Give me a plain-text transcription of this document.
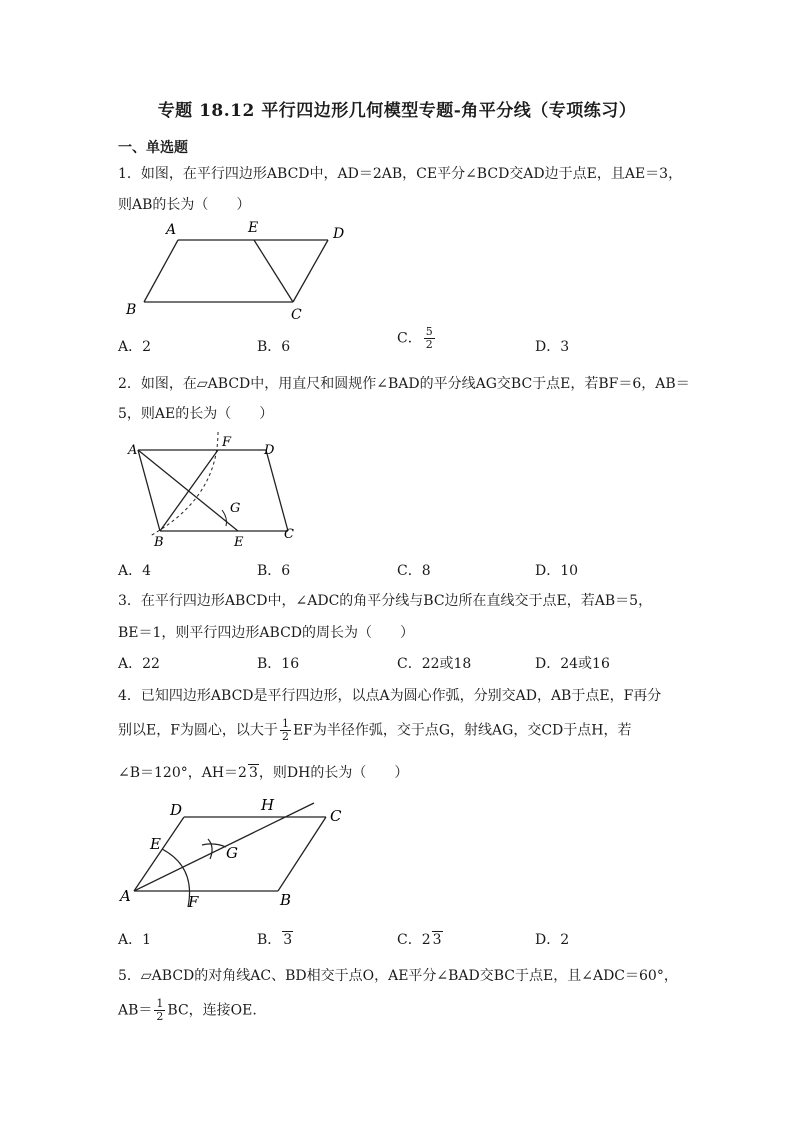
专题 18.12 平行四边形几何模型专题-角平分线（专项练习）
一、单选题
1．如图，在平行四边形ABCD中，AD＝2AB，CE平分∠BCD交AD边于点E，且AE＝3，
则AB的长为（　　）
A	E	D
B	C
A．2	B．6
C． $\frac{5}{2}$	D．3
2．如图，在▱ABCD中，用直尺和圆规作∠BAD的平分线AG交BC于点E，若BF＝6，AB＝
5，则AE的长为（　　）
A
F
D
G
B	E
C
A．4	B．6	C．8	D．10
3．在平行四边形ABCD中，∠ADC的角平分线与BC边所在直线交于点E，若AB＝5，
BE＝1，则平行四边形ABCD的周长为（　　）
A．22	B．16	C．22或18	D．24或16
4．已知四边形ABCD是平行四边形，以点A为圆心作弧，分别交AD，AB于点E，F再分
别以E，F为圆心，以大于 $\frac{1}{2}$ EF为半径作弧，交于点G，射线AG，交CD于点H，若
∠B＝120°，AH＝2 3，则DH的长为（　　）
D	H
C
E	G
A	F	B
A．1	B． 3	C．2 3	D．2
5．▱ABCD的对角线AC、BD相交于点O，AE平分∠BAD交BC于点E，且∠ADC＝60°，
$AB= \frac{1}{2}$ BC，连接OE.
